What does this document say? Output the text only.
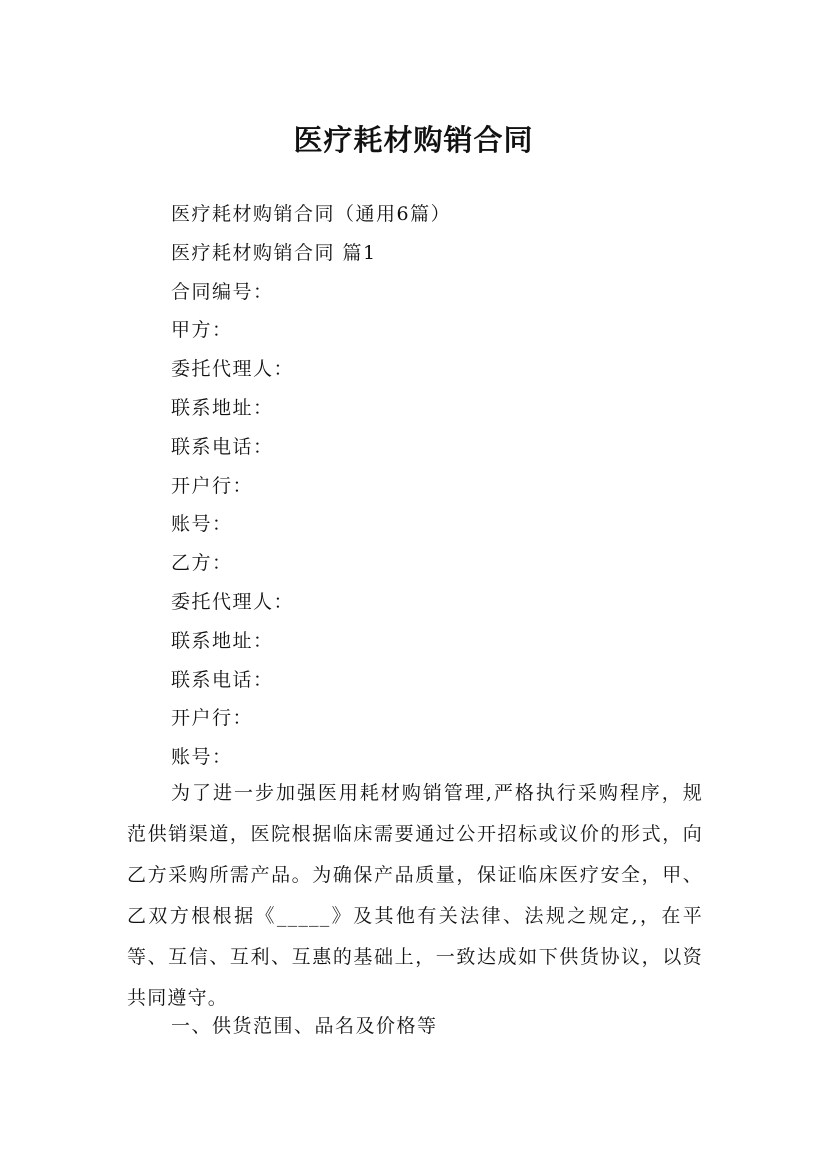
医疗耗材购销合同
医疗耗材购销合同（通用6篇）
医疗耗材购销合同 篇1
合同编号：
甲方：
委托代理人：
联系地址：
联系电话：
开户行：
账号：
乙方：
委托代理人：
联系地址：
联系电话：
开户行：
账号：

为了进一步加强医用耗材购销管理,严格执行采购程序，规范供销渠道，医院根据临床需要通过公开招标或议价的形式，向乙方采购所需产品。为确保产品质量，保证临床医疗安全，甲、乙双方根根据《_____》及其他有关法律、法规之规定,，在平等、互信、互利、互惠的基础上，一致达成如下供货协议，以资共同遵守。

一、供货范围、品名及价格等
